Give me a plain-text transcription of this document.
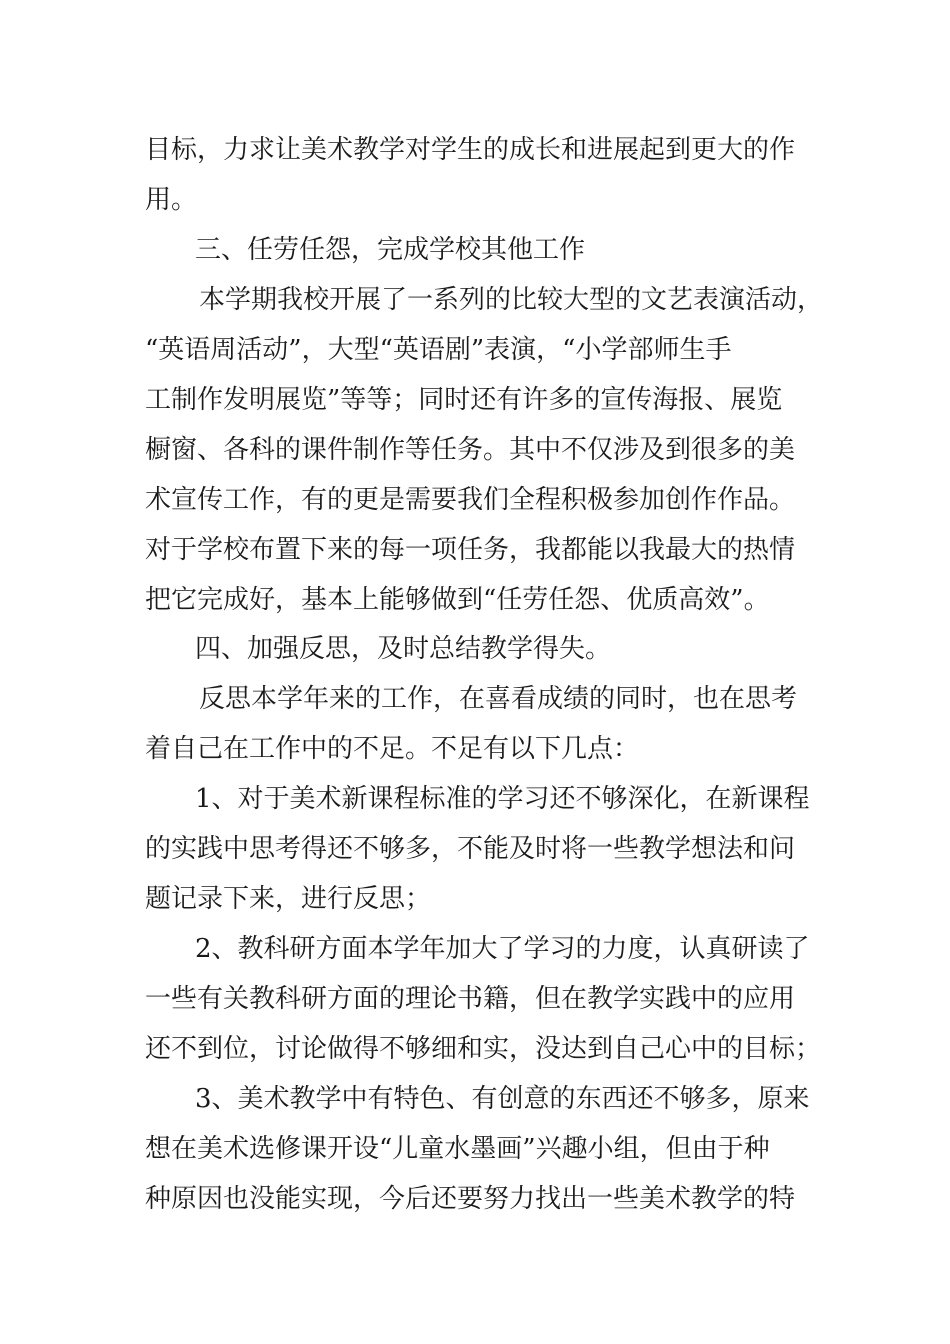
目标，力求让美术教学对学生的成长和进展起到更大的作
用。
三、任劳任怨，完成学校其他工作
本学期我校开展了一系列的比较大型的文艺表演活动，
“英语周活动”，大型“英语剧”表演，“小学部师生手
工制作发明展览”等等；同时还有许多的宣传海报、展览
橱窗、各科的课件制作等任务。其中不仅涉及到很多的美
术宣传工作，有的更是需要我们全程积极参加创作作品。
对于学校布置下来的每一项任务，我都能以我最大的热情
把它完成好，基本上能够做到“任劳任怨、优质高效”。
四、加强反思，及时总结教学得失。
反思本学年来的工作，在喜看成绩的同时，也在思考
着自己在工作中的不足。不足有以下几点：
1、对于美术新课程标准的学习还不够深化，在新课程
的实践中思考得还不够多，不能及时将一些教学想法和问
题记录下来，进行反思；
2、教科研方面本学年加大了学习的力度，认真研读了
一些有关教科研方面的理论书籍，但在教学实践中的应用
还不到位，讨论做得不够细和实，没达到自己心中的目标；
3、美术教学中有特色、有创意的东西还不够多，原来
想在美术选修课开设“儿童水墨画”兴趣小组，但由于种
种原因也没能实现，今后还要努力找出一些美术教学的特
